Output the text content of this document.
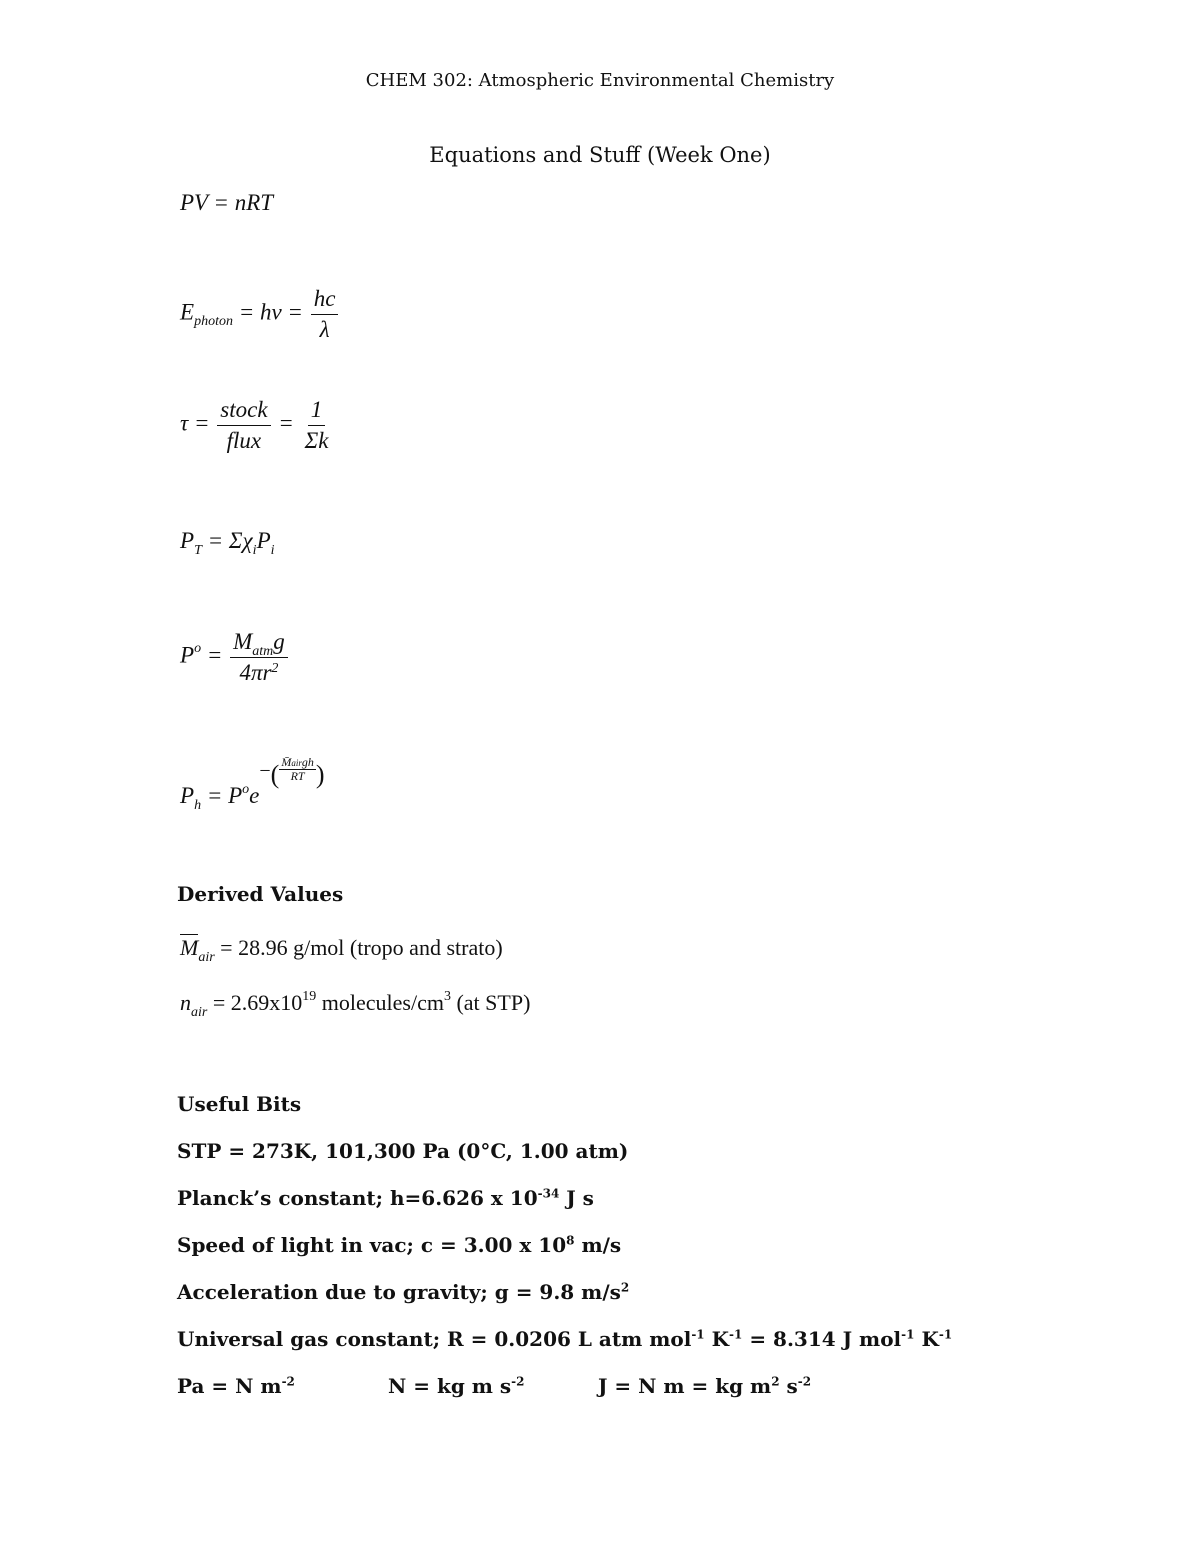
CHEM 302: Atmospheric Environmental Chemistry
Equations and Stuff (Week One)
PV = nRT
$E_{photon} = h\nu = \frac{hc}{\lambda}$
$\tau = \frac{\text{stock}}{\text{flux}} = \frac{1}{\Sigma k}$
$P_T = \Sigma\chi_iP_i$
$P^o = \frac{M_{atm}g}{4\pi r^2}$
$P_h = P^oe-( \frac{\text{M̄airgh}}{RT}$ )
Derived Values
$M_{air} = 28.96$ g/mol (tropo and strato)
$n_{air} = 2.69x10^{19}$ molecules/$cm^3$ (at STP)
Useful Bits
STP = 273K, 101,300 Pa (0°C, 1.00 atm)
Planck’s constant; h=6.626 x $10^{-34}$ J s
Speed of light in vac; c = 3.00 x $10^8$ m/s
Acceleration due to gravity; g = 9.8 $m/s^2$
Universal gas constant; R = 0.0206 L atm mol$^{-1}$ $K^{-1} = 8.314$ J mol$^{-1}$ $K^{-1}$
Pa = N $m^{-2}$	N = kg m $s^{-2}$	J = N m = kg $m^2$ $s^{-2}$
